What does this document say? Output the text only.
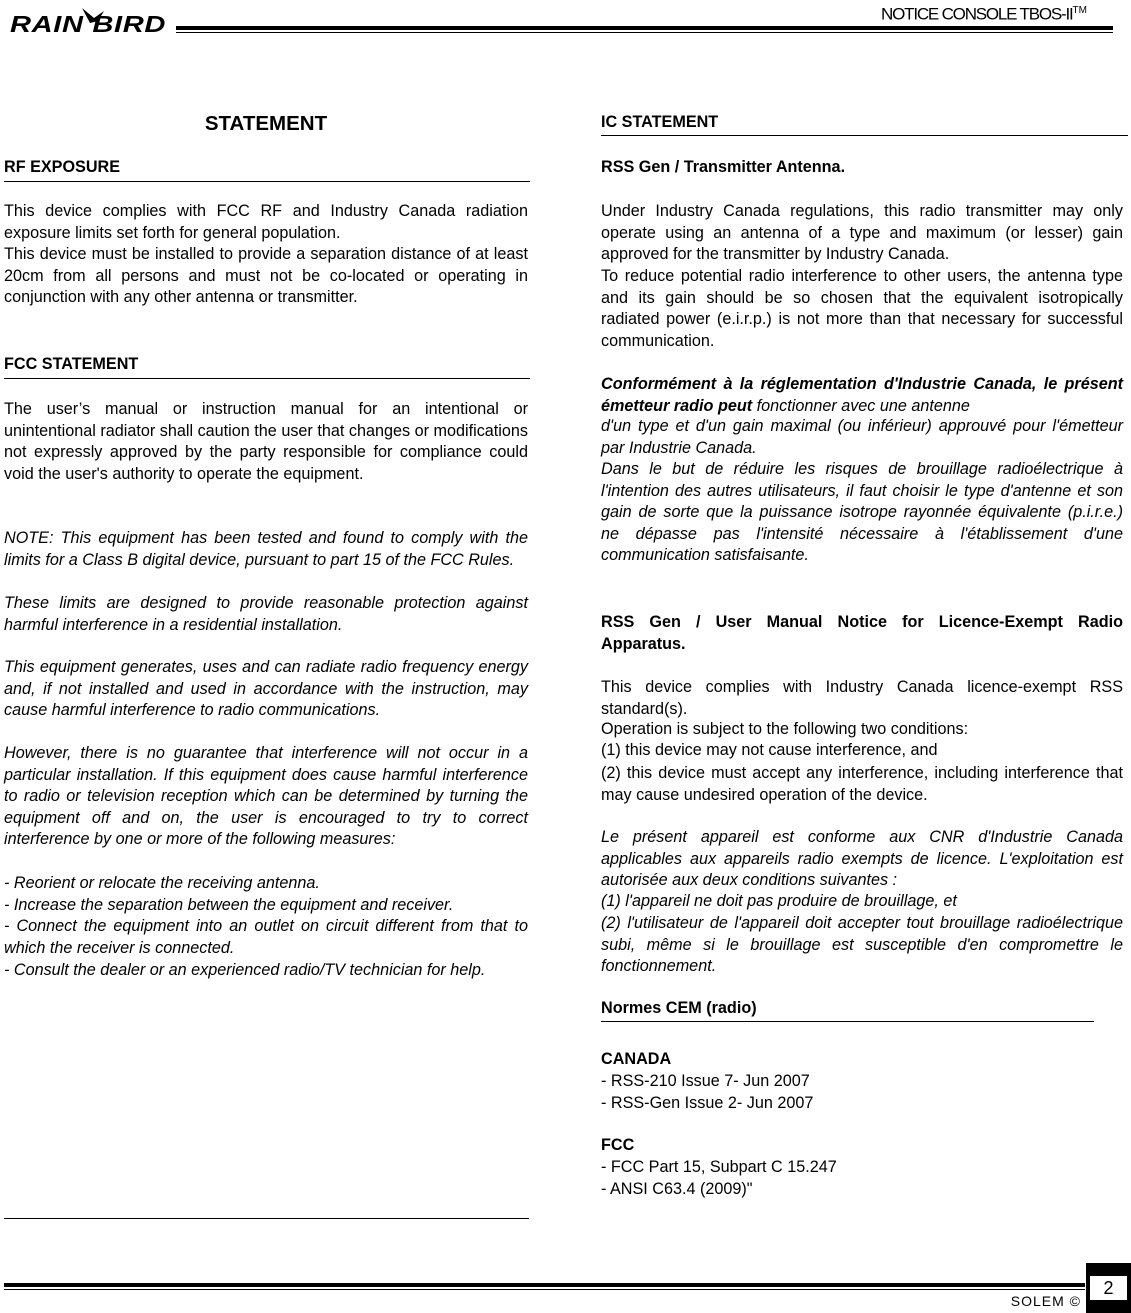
RAIN BIRD	NOTICE CONSOLE TBOS-II™
STATEMENT

RF EXPOSURE

This device complies with FCC RF and Industry Canada radiation exposure limits set forth for general population.

This device must be installed to provide a separation distance of at least 20cm from all persons and must not be co-located or operating in conjunction with any other antenna or transmitter.

FCC STATEMENT

The user’s manual or instruction manual for an intentional or unintentional radiator shall caution the user that changes or modifications not expressly approved by the party responsible for compliance could void the user's authority to operate the equipment.

NOTE: This equipment has been tested and found to comply with the limits for a Class B digital device, pursuant to part 15 of the FCC Rules.

These limits are designed to provide reasonable protection against harmful interference in a residential installation.

This equipment generates, uses and can radiate radio frequency energy and, if not installed and used in accordance with the instruction, may cause harmful interference to radio communications.

However, there is no guarantee that interference will not occur in a particular installation. If this equipment does cause harmful interference to radio or television reception which can be determined by turning the equipment off and on, the user is encouraged to try to correct interference by one or more of the following measures:

- Reorient or relocate the receiving antenna.

- Increase the separation between the equipment and receiver.

- Connect the equipment into an outlet on circuit different from that to which the receiver is connected.

- Consult the dealer or an experienced radio/TV technician for help.

IC STATEMENT

RSS Gen / Transmitter Antenna.

Under Industry Canada regulations, this radio transmitter may only operate using an antenna of a type and maximum (or lesser) gain approved for the transmitter by Industry Canada.

To reduce potential radio interference to other users, the antenna type and its gain should be so chosen that the equivalent isotropically radiated power (e.i.r.p.) is not more than that necessary for successful communication.

Conformément à la réglementation d'Industrie Canada, le présent émetteur radio peut fonctionner avec une antenne

d'un type et d'un gain maximal (ou inférieur) approuvé pour l'émetteur par Industrie Canada.

Dans le but de réduire les risques de brouillage radioélectrique à l'intention des autres utilisateurs, il faut choisir le type d'antenne et son gain de sorte que la puissance isotrope rayonnée équivalente (p.i.r.e.) ne dépasse pas l'intensité nécessaire à l'établissement d'une communication satisfaisante.

RSS Gen / User Manual Notice for Licence-Exempt Radio Apparatus.

This device complies with Industry Canada licence-exempt RSS standard(s).

Operation is subject to the following two conditions:

(1) this device may not cause interference, and

(2) this device must accept any interference, including interference that may cause undesired operation of the device.

Le présent appareil est conforme aux CNR d'Industrie Canada applicables aux appareils radio exempts de licence. L'exploitation est autorisée aux deux conditions suivantes :

(1) l'appareil ne doit pas produire de brouillage, et

(2) l'utilisateur de l'appareil doit accepter tout brouillage radioélectrique subi, même si le brouillage est susceptible d'en compromettre le fonctionnement.

Normes CEM (radio)

CANADA

- RSS-210 Issue 7- Jun 2007

- RSS-Gen Issue 2- Jun 2007

FCC

- FCC Part 15, Subpart C 15.247

- ANSI C63.4 (2009)"

2
SOLEM ©
